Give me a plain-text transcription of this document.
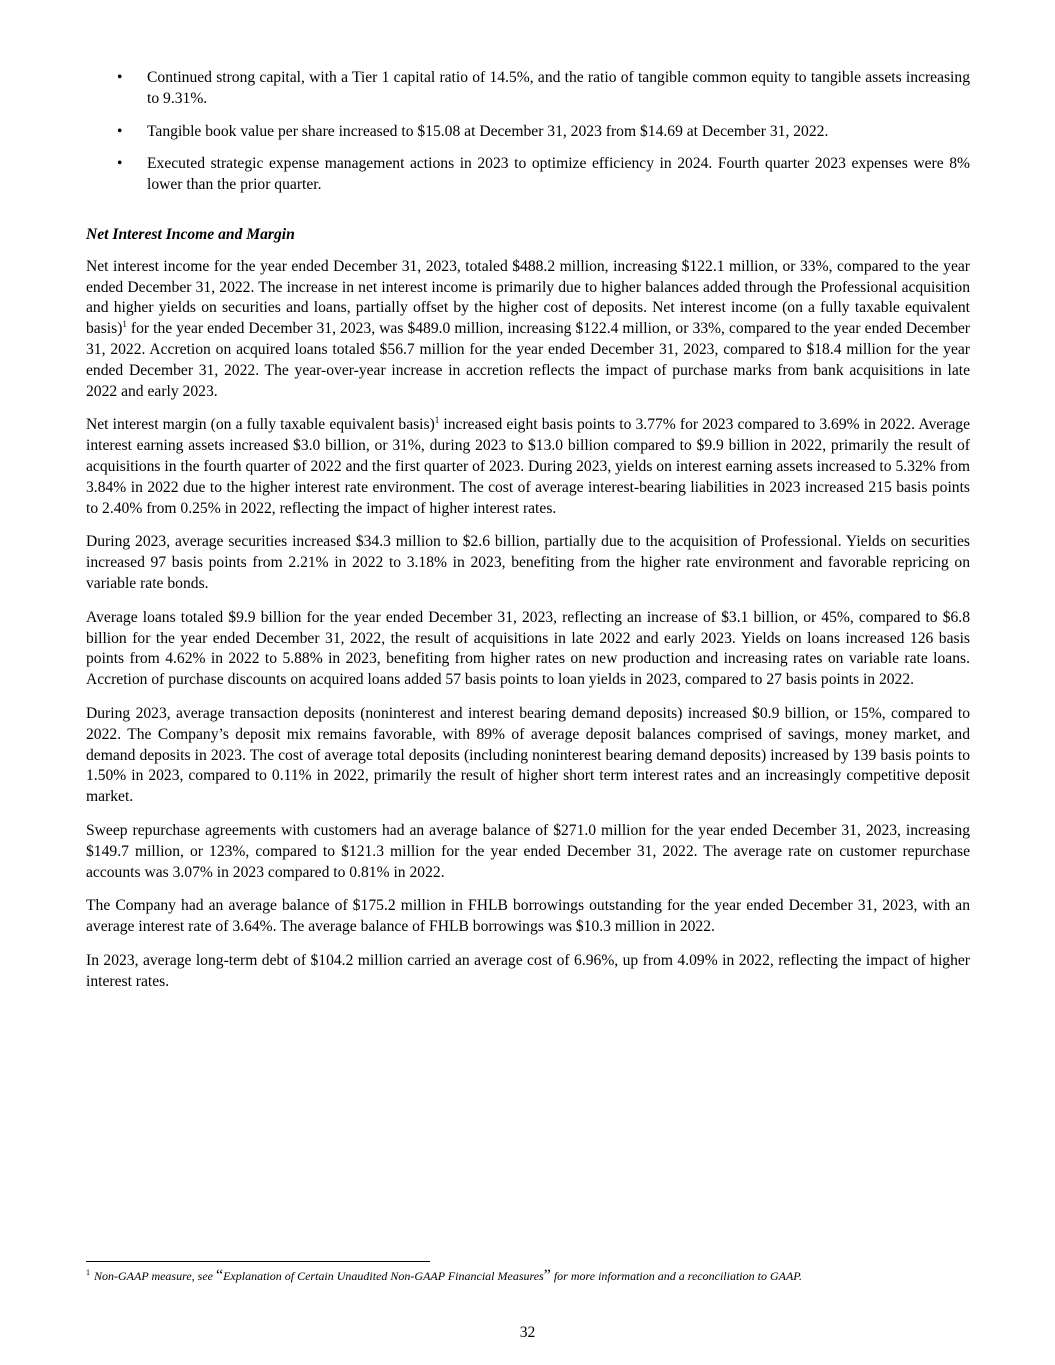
• Continued strong capital, with a Tier 1 capital ratio of 14.5%, and the ratio of tangible common equity to tangible assets increasing to 9.31%.
• Tangible book value per share increased to $15.08 at December 31, 2023 from $14.69 at December 31, 2022.
• Executed strategic expense management actions in 2023 to optimize efficiency in 2024. Fourth quarter 2023 expenses were 8% lower than the prior quarter.
Net Interest Income and Margin

Net interest income for the year ended December 31, 2023, totaled $488.2 million, increasing $122.1 million, or 33%, compared to the year ended December 31, 2022. The increase in net interest income is primarily due to higher balances added through the Professional acquisition and higher yields on securities and loans, partially offset by the higher cost of deposits. Net interest income (on a fully taxable equivalent basis)$^1$ for the year ended December 31, 2023, was $489.0 million, increasing $122.4 million, or 33%, compared to the year ended December 31, 2022. Accretion on acquired loans totaled $56.7 million for the year ended December 31, 2023, compared to $18.4 million for the year ended December 31, 2022. The year-over-year increase in accretion reflects the impact of purchase marks from bank acquisitions in late 2022 and early 2023.

Net interest margin (on a fully taxable equivalent basis)$^1$ increased eight basis points to 3.77% for 2023 compared to 3.69% in 2022. Average interest earning assets increased $3.0 billion, or 31%, during 2023 to $13.0 billion compared to $9.9 billion in 2022, primarily the result of acquisitions in the fourth quarter of 2022 and the first quarter of 2023. During 2023, yields on interest earning assets increased to 5.32% from 3.84% in 2022 due to the higher interest rate environment. The cost of average interest-bearing liabilities in 2023 increased 215 basis points to 2.40% from 0.25% in 2022, reflecting the impact of higher interest rates.

During 2023, average securities increased $34.3 million to $2.6 billion, partially due to the acquisition of Professional. Yields on securities increased 97 basis points from 2.21% in 2022 to 3.18% in 2023, benefiting from the higher rate environment and favorable repricing on variable rate bonds.

Average loans totaled $9.9 billion for the year ended December 31, 2023, reflecting an increase of $3.1 billion, or 45%, compared to $6.8 billion for the year ended December 31, 2022, the result of acquisitions in late 2022 and early 2023. Yields on loans increased 126 basis points from 4.62% in 2022 to 5.88% in 2023, benefiting from higher rates on new production and increasing rates on variable rate loans. Accretion of purchase discounts on acquired loans added 57 basis points to loan yields in 2023, compared to 27 basis points in 2022.

During 2023, average transaction deposits (noninterest and interest bearing demand deposits) increased $0.9 billion, or 15%, compared to 2022. The Company’s deposit mix remains favorable, with 89% of average deposit balances comprised of savings, money market, and demand deposits in 2023. The cost of average total deposits (including noninterest bearing demand deposits) increased by 139 basis points to 1.50% in 2023, compared to 0.11% in 2022, primarily the result of higher short term interest rates and an increasingly competitive deposit market.

Sweep repurchase agreements with customers had an average balance of $271.0 million for the year ended December 31, 2023, increasing $149.7 million, or 123%, compared to $121.3 million for the year ended December 31, 2022. The average rate on customer repurchase accounts was 3.07% in 2023 compared to 0.81% in 2022.

The Company had an average balance of $175.2 million in FHLB borrowings outstanding for the year ended December 31, 2023, with an average interest rate of 3.64%. The average balance of FHLB borrowings was $10.3 million in 2022.

In 2023, average long-term debt of $104.2 million carried an average cost of 6.96%, up from 4.09% in 2022, reflecting the impact of higher interest rates.

$^1$ Non-GAAP measure, see “Explanation of Certain Unaudited Non-GAAP Financial Measures” for more information and a reconciliation to GAAP.
32
